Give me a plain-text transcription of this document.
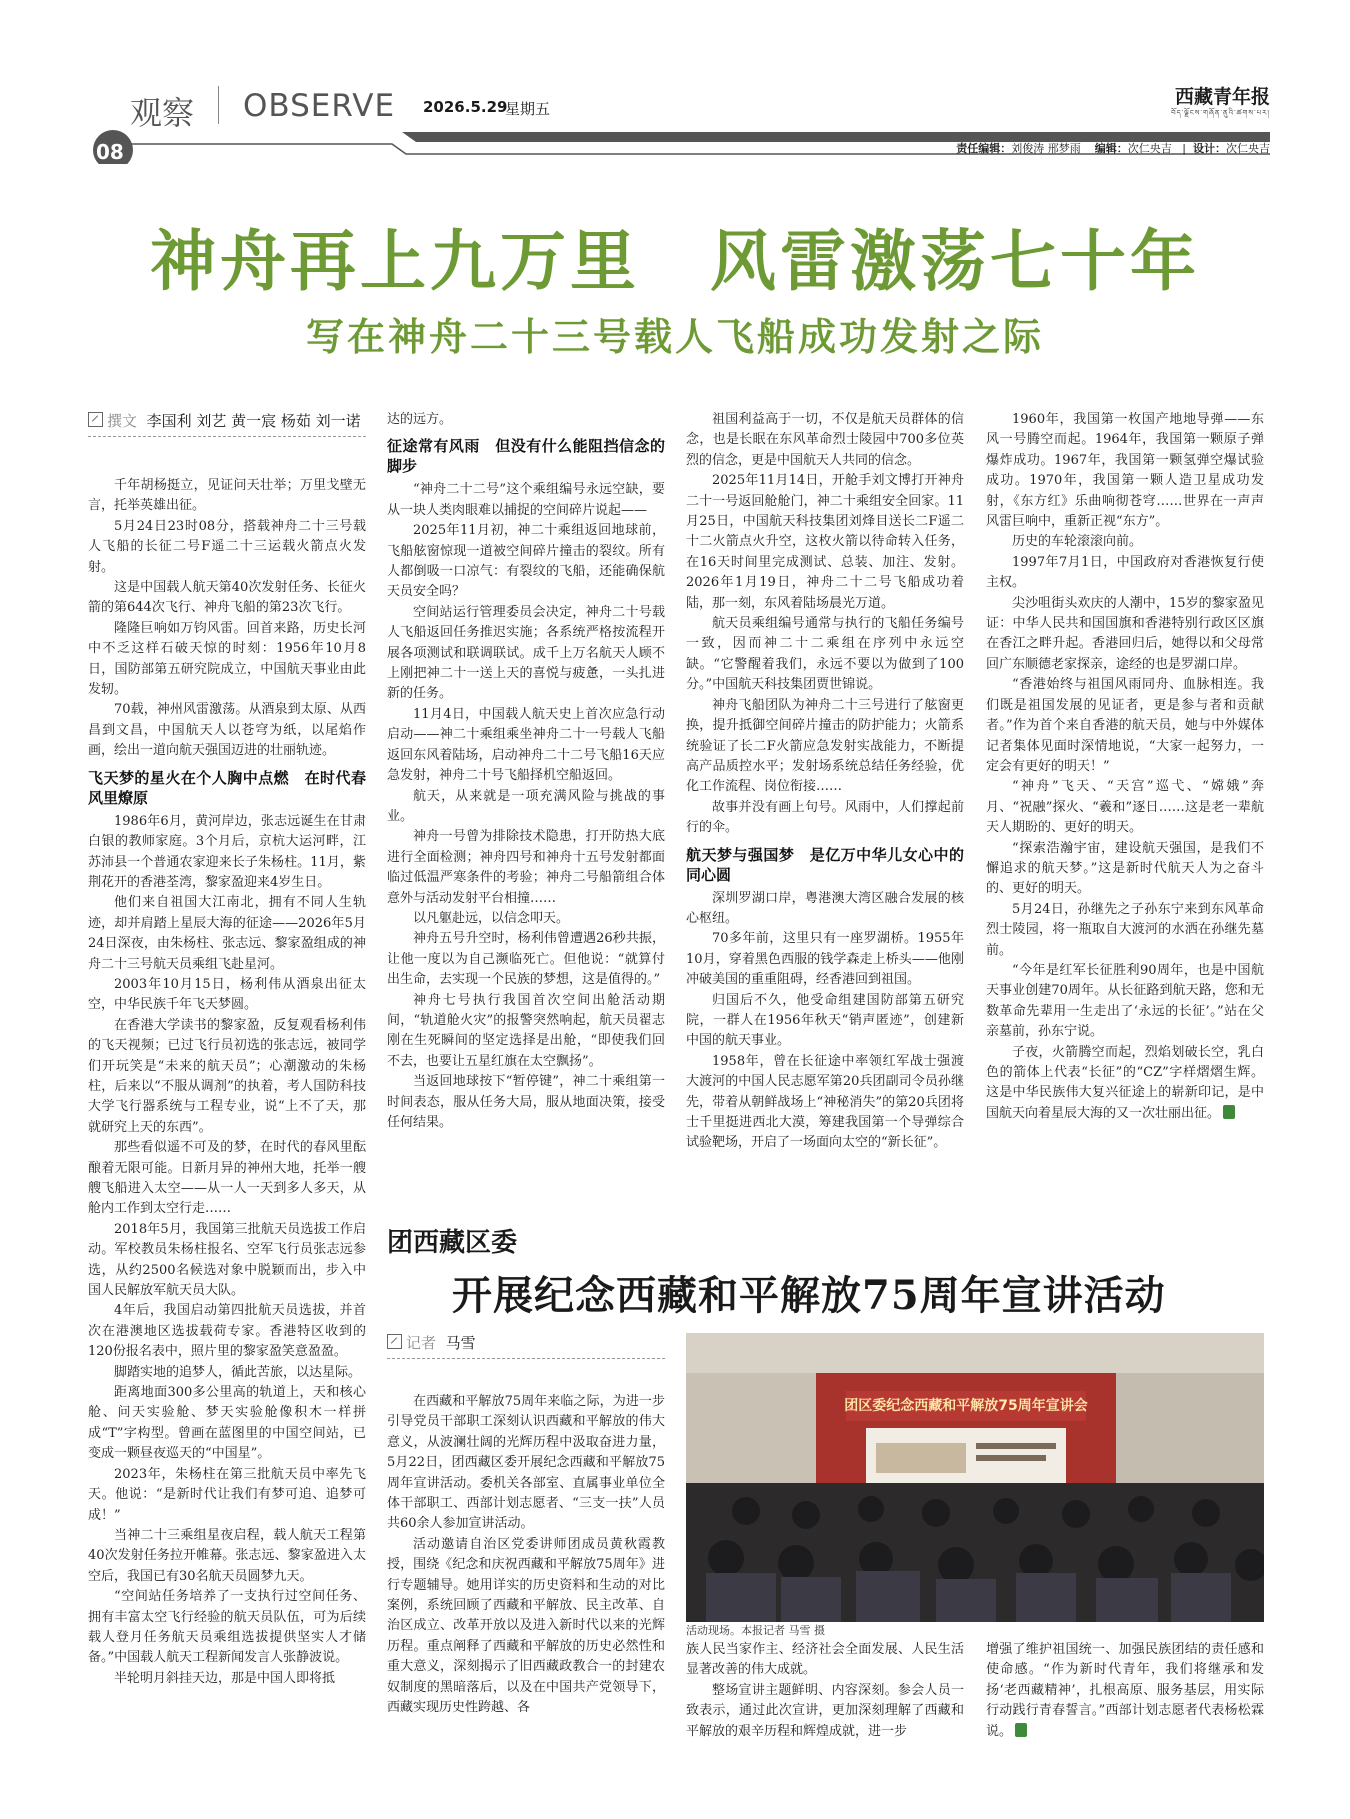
观察 OBSERVE 2026.5.29
星期五
西藏青年报
བོད་ལྗོངས་གཞོན་ནུའི་ཚགས་པར།
08	责任编辑：刘俊涛 邢梦雨 编辑：次仁央吉   |  设计：次仁央吉
神舟再上九万里　风雷激荡七十年
写在神舟二十三号载人飞船成功发射之际
撰文 李国利 刘艺 黄一宸 杨茹 刘一诺

千年胡杨挺立，见证问天壮举；万里戈壁无言，托举英雄出征。

5月24日23时08分，搭载神舟二十三号载人飞船的长征二号F遥二十三运载火箭点火发射。

这是中国载人航天第40次发射任务、长征火箭的第644次飞行、神舟飞船的第23次飞行。

隆隆巨响如万钧风雷。回首来路，历史长河中不乏这样石破天惊的时刻：1956年10月8日，国防部第五研究院成立，中国航天事业由此发轫。

70载，神州风雷激荡。从酒泉到太原、从西昌到文昌，中国航天人以苍穹为纸，以尾焰作画，绘出一道向航天强国迈进的壮丽轨迹。

飞天梦的星火在个人胸中点燃　在时代春风里燎原

1986年6月，黄河岸边，张志远诞生在甘肃白银的教师家庭。3个月后，京杭大运河畔，江苏沛县一个普通农家迎来长子朱杨柱。11月，紫荆花开的香港荃湾，黎家盈迎来4岁生日。

他们来自祖国大江南北，拥有不同人生轨迹，却并肩踏上星辰大海的征途——2026年5月24日深夜，由朱杨柱、张志远、黎家盈组成的神舟二十三号航天员乘组飞赴星河。

2003年10月15日，杨利伟从酒泉出征太空，中华民族千年飞天梦圆。

在香港大学读书的黎家盈，反复观看杨利伟的飞天视频；已过飞行员初选的张志远，被同学们开玩笑是“未来的航天员”；心潮激动的朱杨柱，后来以“不服从调剂”的执着，考人国防科技大学飞行器系统与工程专业，说“上不了天，那就研究上天的东西”。

那些看似遥不可及的梦，在时代的春风里酝酿着无限可能。日新月异的神州大地，托举一艘艘飞船进入太空——从一人一天到多人多天，从舱内工作到太空行走……

2018年5月，我国第三批航天员选拔工作启动。军校教员朱杨柱报名、空军飞行员张志远参选，从约2500名候选对象中脱颖而出，步入中国人民解放军航天员大队。

4年后，我国启动第四批航天员选拔，并首次在港澳地区选拔载荷专家。香港特区收到的120份报名表中，照片里的黎家盈笑意盈盈。

脚踏实地的追梦人，循此苦旅，以达星际。

距离地面300多公里高的轨道上，天和核心舱、问天实验舱、梦天实验舱像积木一样拼成“T”字构型。曾画在蓝图里的中国空间站，已变成一颗昼夜巡天的“中国星”。

2023年，朱杨柱在第三批航天员中率先飞天。他说：“是新时代让我们有梦可追、追梦可成！”

当神二十三乘组星夜启程，载人航天工程第40次发射任务拉开帷幕。张志远、黎家盈进入太空后，我国已有30名航天员圆梦九天。

“空间站任务培养了一支执行过空间任务、拥有丰富太空飞行经验的航天员队伍，可为后续载人登月任务航天员乘组选拔提供坚实人才储备。”中国载人航天工程新闻发言人张静波说。

半轮明月斜挂天边，那是中国人即将抵

达的远方。

征途常有风雨　但没有什么能阻挡信念的脚步

“神舟二十二号”这个乘组编号永远空缺，要从一块人类肉眼难以捕捉的空间碎片说起——

2025年11月初，神二十乘组返回地球前，飞船舷窗惊现一道被空间碎片撞击的裂纹。所有人都倒吸一口凉气：有裂纹的飞船，还能确保航天员安全吗？

空间站运行管理委员会决定，神舟二十号载人飞船返回任务推迟实施；各系统严格按流程开展各项测试和联调联试。成千上万名航天人顾不上刚把神二十一送上天的喜悦与疲惫，一头扎进新的任务。

11月4日，中国载人航天史上首次应急行动启动——神二十乘组乘坐神舟二十一号载人飞船返回东风着陆场，启动神舟二十二号飞船16天应急发射，神舟二十号飞船择机空船返回。

航天，从来就是一项充满风险与挑战的事业。

神舟一号曾为排除技术隐患，打开防热大底进行全面检测；神舟四号和神舟十五号发射都面临过低温严寒条件的考验；神舟二号船箭组合体意外与活动发射平台相撞……

以凡躯赴远，以信念叩天。

神舟五号升空时，杨利伟曾遭遇26秒共振，让他一度以为自己濒临死亡。但他说：“就算付出生命，去实现一个民族的梦想，这是值得的。”

神舟七号执行我国首次空间出舱活动期间，“轨道舱火灾”的报警突然响起，航天员翟志刚在生死瞬间的坚定选择是出舱，“即使我们回不去，也要让五星红旗在太空飘扬”。

当返回地球按下“暂停键”，神二十乘组第一时间表态，服从任务大局，服从地面决策，接受任何结果。

祖国利益高于一切，不仅是航天员群体的信念，也是长眠在东风革命烈士陵园中700多位英烈的信念，更是中国航天人共同的信念。

2025年11月14日，开舱手刘文博打开神舟二十一号返回舱舱门，神二十乘组安全回家。11月25日，中国航天科技集团刘烽目送长二F遥二十二火箭点火升空，这枚火箭以待命转入任务，在16天时间里完成测试、总装、加注、发射。2026年1月19日，神舟二十二号飞船成功着陆，那一刻，东风着陆场晨光万道。

航天员乘组编号通常与执行的飞船任务编号一致，因而神二十二乘组在序列中永远空缺。“它警醒着我们，永远不要以为做到了100分。”中国航天科技集团贾世锦说。

神舟飞船团队为神舟二十三号进行了舷窗更换，提升抵御空间碎片撞击的防护能力；火箭系统验证了长二F火箭应急发射实战能力，不断提高产品质控水平；发射场系统总结任务经验，优化工作流程、岗位衔接……

故事并没有画上句号。风雨中，人们撑起前行的伞。

航天梦与强国梦　是亿万中华儿女心中的同心圆

深圳罗湖口岸，粤港澳大湾区融合发展的核心枢纽。

70多年前，这里只有一座罗湖桥。1955年10月，穿着黑色西服的钱学森走上桥头——他刚冲破美国的重重阻碍，经香港回到祖国。

归国后不久，他受命组建国防部第五研究院，一群人在1956年秋天“销声匿迹”，创建新中国的航天事业。

1958年，曾在长征途中率领红军战士强渡大渡河的中国人民志愿军第20兵团副司令员孙继先，带着从朝鲜战场上“神秘消失”的第20兵团将士千里挺进西北大漠，筹建我国第一个导弹综合试验靶场，开启了一场面向太空的“新长征”。

1960年，我国第一枚国产地地导弹——东风一号腾空而起。1964年，我国第一颗原子弹爆炸成功。1967年，我国第一颗氢弹空爆试验成功。1970年，我国第一颗人造卫星成功发射，《东方红》乐曲响彻苍穹……世界在一声声风雷巨响中，重新正视“东方”。

历史的车轮滚滚向前。

1997年7月1日，中国政府对香港恢复行使主权。

尖沙咀街头欢庆的人潮中，15岁的黎家盈见证：中华人民共和国国旗和香港特别行政区区旗在香江之畔升起。香港回归后，她得以和父母常回广东顺德老家探亲，途经的也是罗湖口岸。

“香港始终与祖国风雨同舟、血脉相连。我们既是祖国发展的见证者，更是参与者和贡献者。”作为首个来自香港的航天员，她与中外媒体记者集体见面时深情地说，“大家一起努力，一定会有更好的明天！”

“神舟”飞天、“天宫”巡弋、“嫦娥”奔月、“祝融”探火、“羲和”逐日……这是老一辈航天人期盼的、更好的明天。

“探索浩瀚宇宙，建设航天强国，是我们不懈追求的航天梦。”这是新时代航天人为之奋斗的、更好的明天。

5月24日，孙继先之子孙东宁来到东风革命烈士陵园，将一瓶取自大渡河的水洒在孙继先墓前。

“今年是红军长征胜利90周年，也是中国航天事业创建70周年。从长征路到航天路，您和无数革命先辈用一生走出了‘永远的长征’。”站在父亲墓前，孙东宁说。

子夜，火箭腾空而起，烈焰划破长空，乳白色的箭体上代表“长征”的“CZ”字样熠熠生辉。这是中华民族伟大复兴征途上的崭新印记，是中国航天向着星辰大海的又一次壮丽出征。

团西藏区委
开展纪念西藏和平解放75周年宣讲活动
记者 马雪

在西藏和平解放75周年来临之际，为进一步引导党员干部职工深刻认识西藏和平解放的伟大意义，从波澜壮阔的光辉历程中汲取奋进力量，5月22日，团西藏区委开展纪念西藏和平解放75周年宣讲活动。委机关各部室、直属事业单位全体干部职工、西部计划志愿者、“三支一扶”人员共60余人参加宣讲活动。

活动邀请自治区党委讲师团成员黄秋霞教授，围绕《纪念和庆祝西藏和平解放75周年》进行专题辅导。她用详实的历史资料和生动的对比案例，系统回顾了西藏和平解放、民主改革、自治区成立、改革开放以及进入新时代以来的光辉历程。重点阐释了西藏和平解放的历史必然性和重大意义，深刻揭示了旧西藏政教合一的封建农奴制度的黑暗落后，以及在中国共产党领导下，西藏实现历史性跨越、各

团区委纪念西藏和平解放75周年宣讲会
活动现场。本报记者 马雪 摄

族人民当家作主、经济社会全面发展、人民生活显著改善的伟大成就。

整场宣讲主题鲜明、内容深刻。参会人员一致表示，通过此次宣讲，更加深刻理解了西藏和平解放的艰辛历程和辉煌成就，进一步

增强了维护祖国统一、加强民族团结的责任感和使命感。“作为新时代青年，我们将继承和发扬‘老西藏精神’，扎根高原、服务基层，用实际行动践行青春誓言。”西部计划志愿者代表杨松霖说。
